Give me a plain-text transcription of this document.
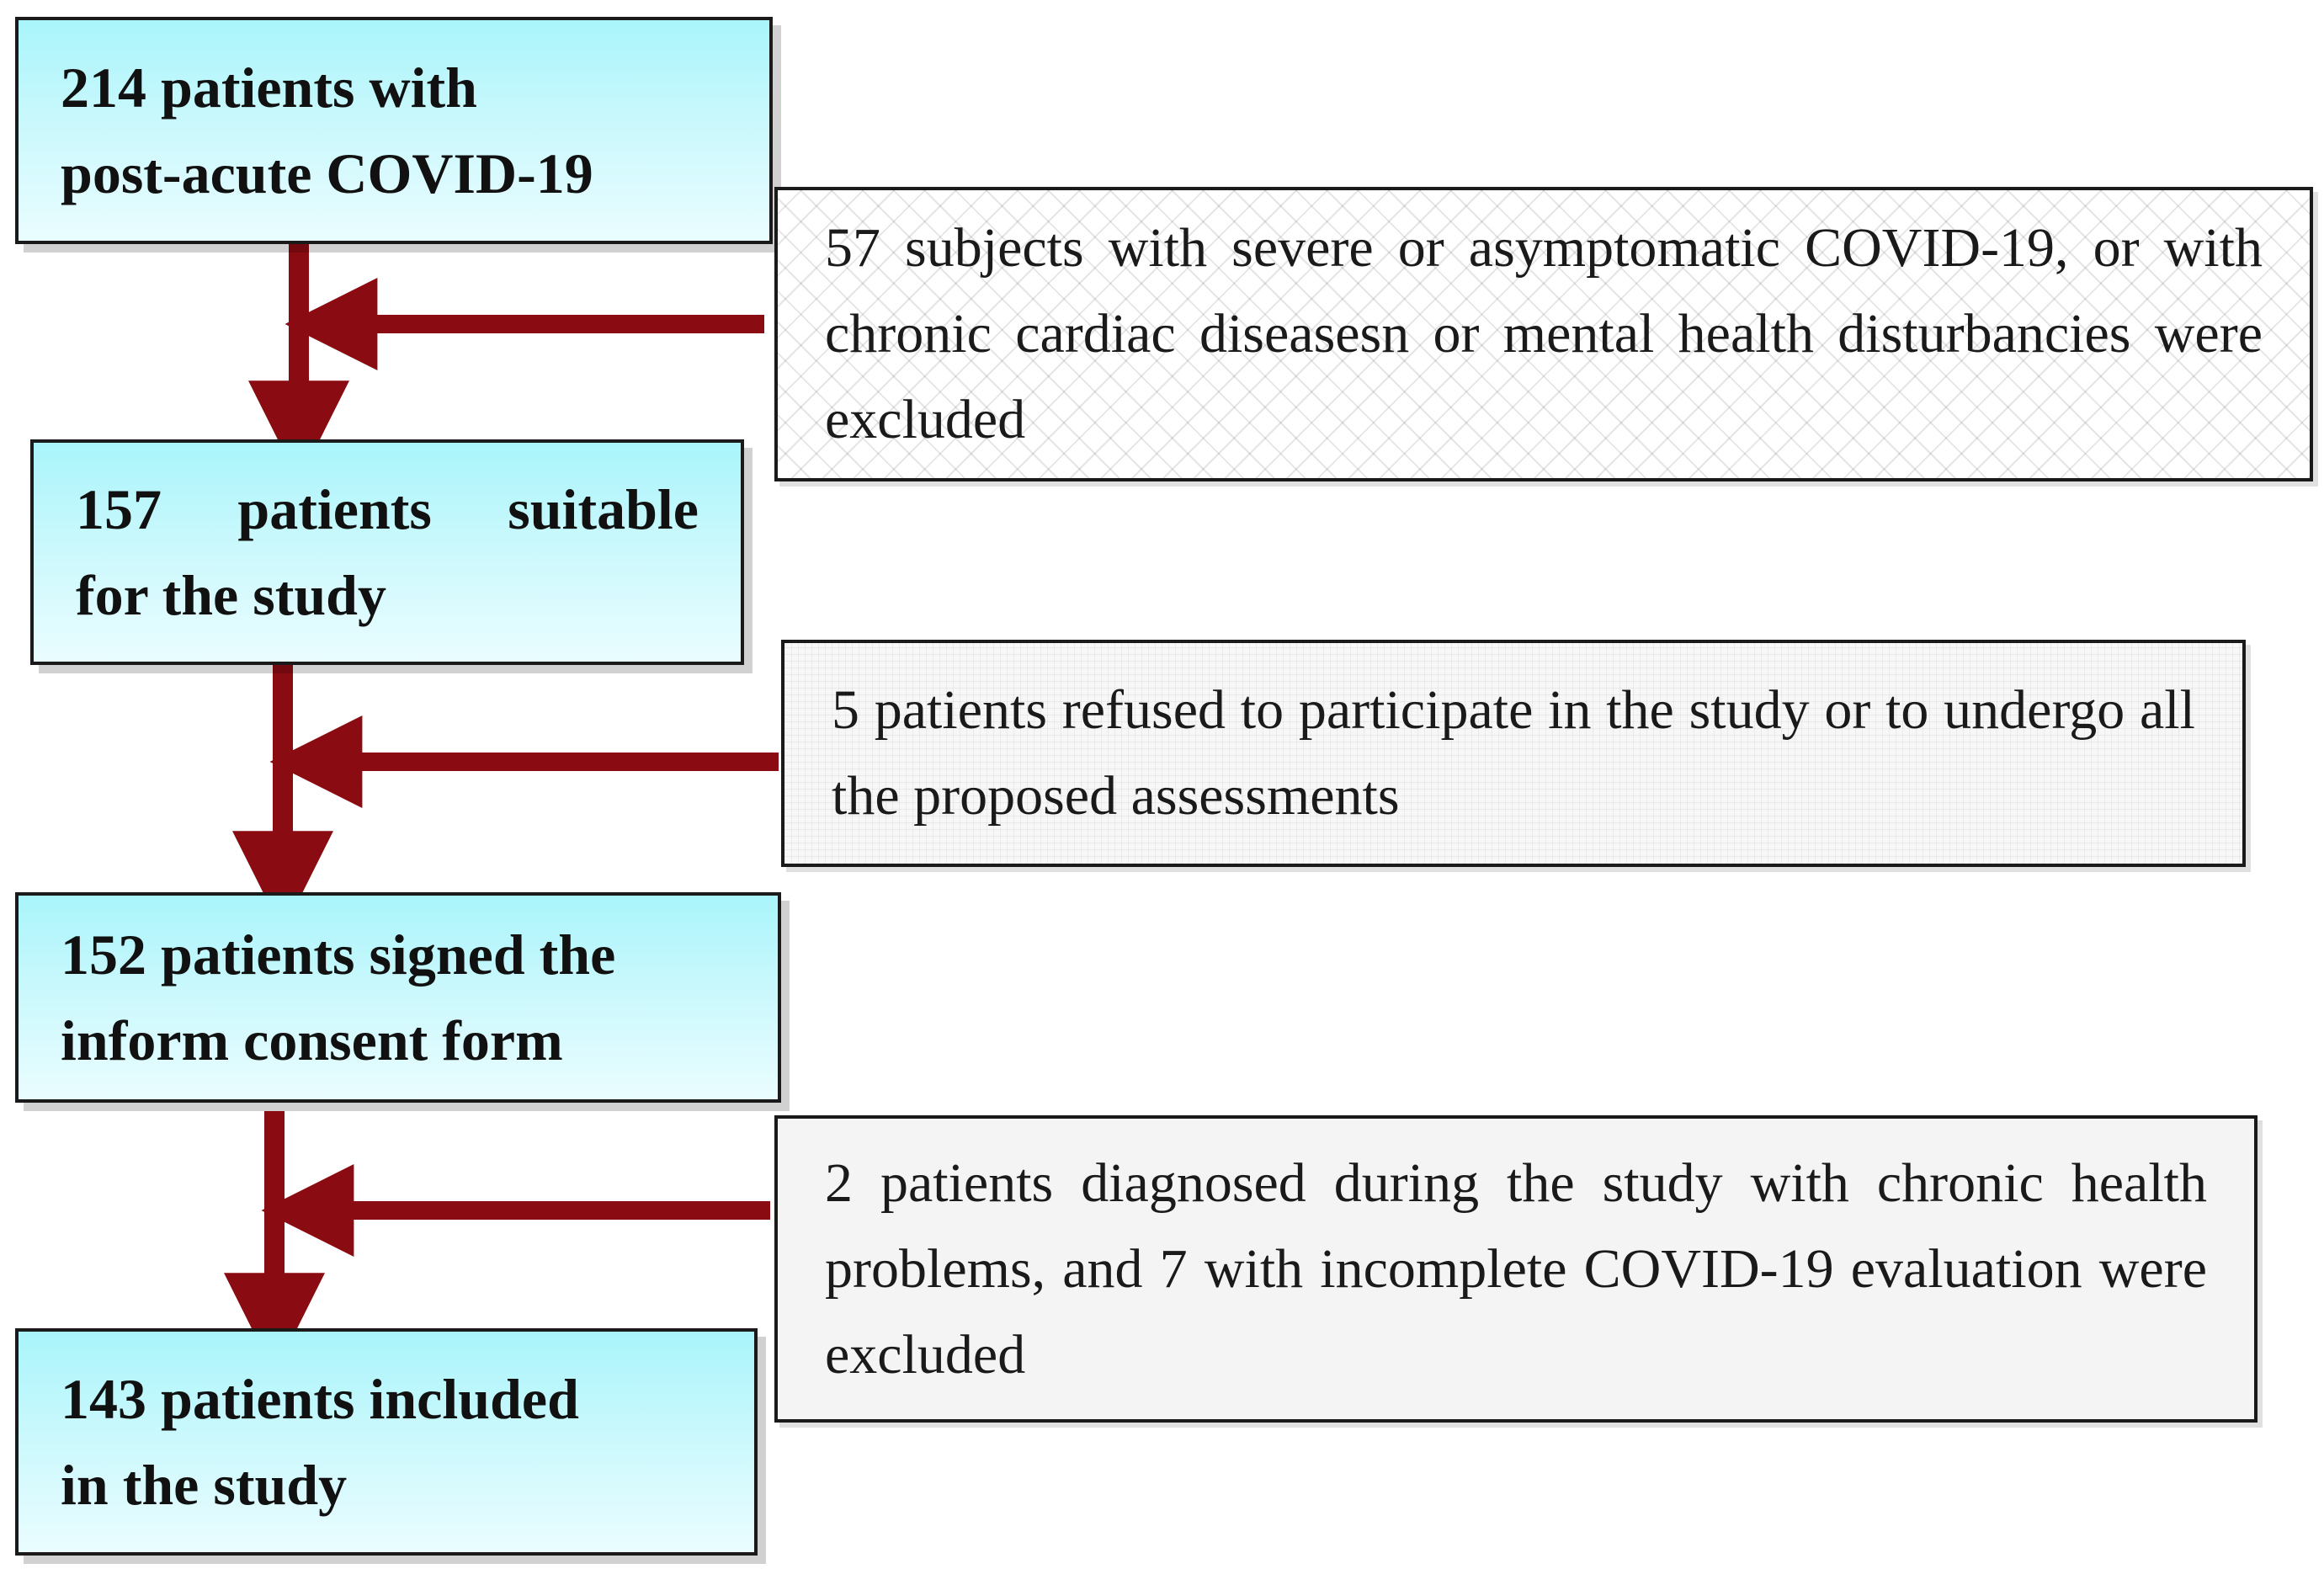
214 patients with
post-acute COVID-19
157 patients suitable
for the study
152 patients signed the
inform consent form
143 patients included
in the study
57 subjects with severe or asymptomatic COVID-19, or with chronic cardiac diseasesn or mental health disturbancies were excluded
5 patients refused to participate in the study or to undergo all the proposed assessments
2 patients diagnosed during the study with chronic health problems, and 7 with incomplete COVID-19 evaluation were excluded
